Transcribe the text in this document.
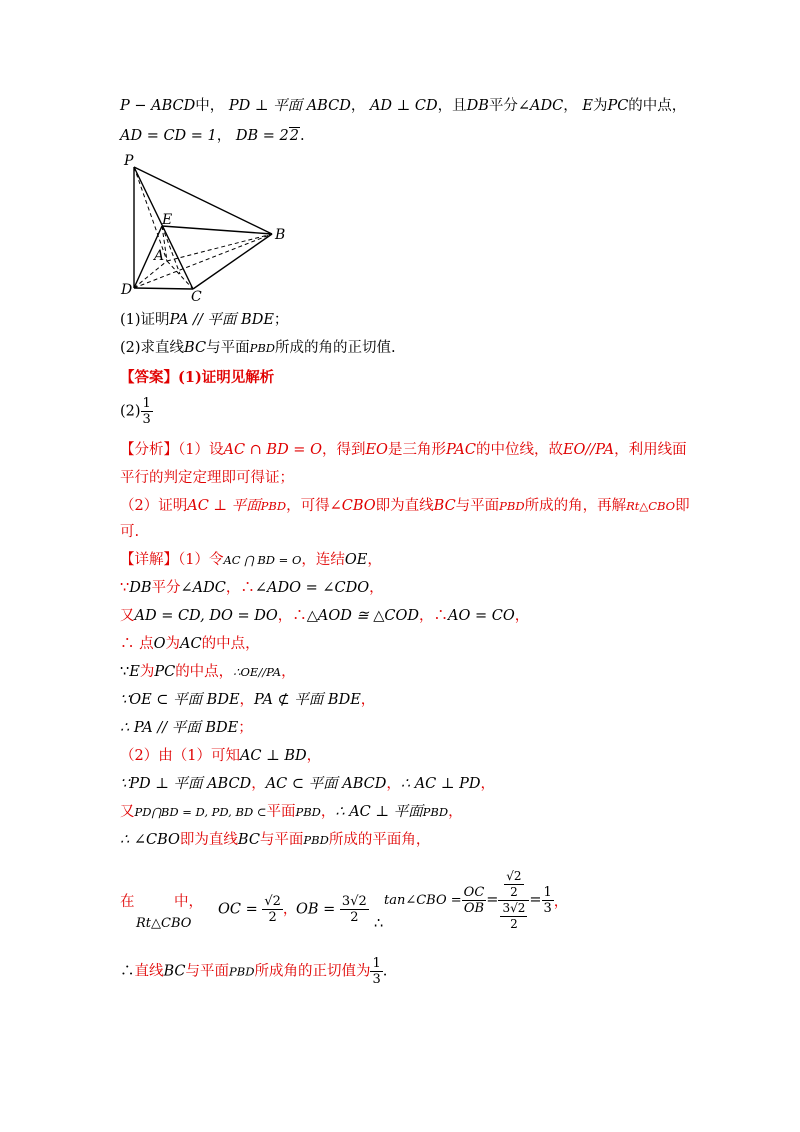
P − ABCD中， PD ⊥ 平面 ABCD， AD ⊥ CD，且DB平分∠ADC， E为PC的中点，
AD = CD = 1， DB = 22.
P
E
B
A
D	C
(1)证明PA // 平面 BDE；
(2)求直线BC与平面PBD所成的角的正切值.
【答案】(1)证明见解析
$(2) \frac{1}{3}$
【分析】（1）设AC ∩ BD = O，得到EO是三角形PAC的中位线，故EO//PA，利用线面
平行的判定定理即可得证；
（2）证明AC ⊥ 平面PBD，可得∠CBO即为直线BC与平面PBD所成的角，再解Rt△CBO即
可.
【详解】（1）令AC ⋂ BD = O，连结OE，
∵DB平分∠ADC，∴∠ADO = ∠CDO，
又AD = CD, DO = DO，∴△AOD ≅ △COD，∴AO = CO，
∴ 点O为AC的中点，
∵E为PC的中点，∴OE//PA，
∵OE ⊂ 平面 BDE，PA ⊄ 平面 BDE，
∴ PA // 平面 BDE；
（2）由（1）可知AC ⊥ BD，
∵PD ⊥ 平面 ABCD，AC ⊂ 平面 ABCD，∴ AC ⊥ PD，
又PD⋂BD = D, PD, BD ⊂平面PBD，∴ AC ⊥ 平面PBD，
∴ ∠CBO即为直线BC与平面PBD所成的平面角，
在	中，
Rt△CBO
OC = $\frac{√2}{2}$ ，
OB = $\frac{3√2}{2}$ ∴
tan∠CBO = $\frac{OC}{OB} = \frac{\frac{√2}{2}}{\frac{3√2}{2}} = \frac{1}{3}$ ，
∴直线BC与平面PBD所成角的正切值为 $\frac{1}{3}$ .
